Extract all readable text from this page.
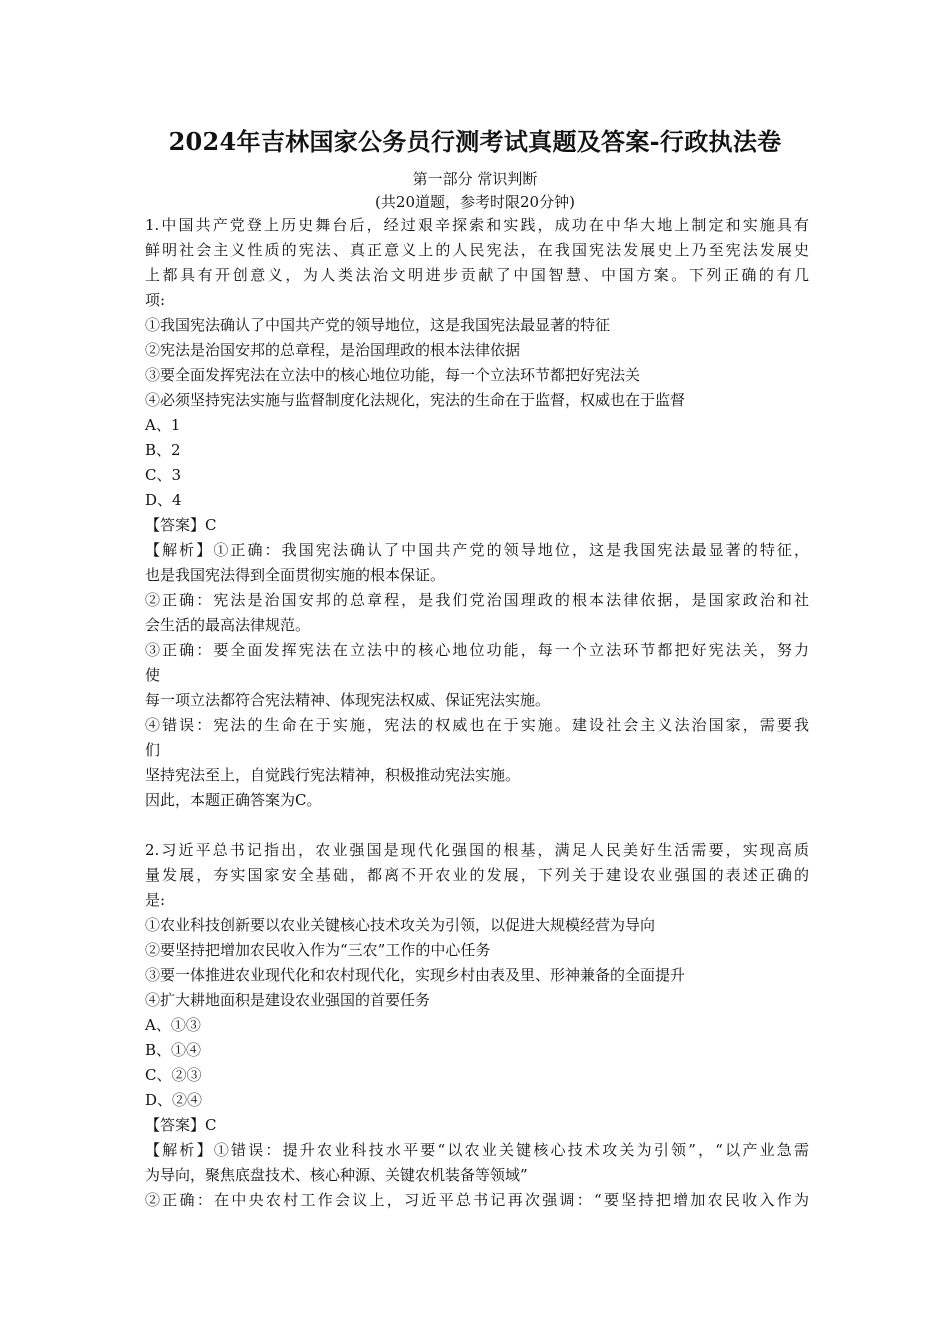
2024年吉林国家公务员行测考试真题及答案-行政执法卷
第一部分 常识判断
(共20道题，参考时限20分钟)
1.中国共产党登上历史舞台后，经过艰辛探索和实践，成功在中华大地上制定和实施具有
鲜明社会主义性质的宪法、真正意义上的人民宪法，在我国宪法发展史上乃至宪法发展史
上都具有开创意义，为人类法治文明进步贡献了中国智慧、中国方案。下列正确的有几
项:
①我国宪法确认了中国共产党的领导地位，这是我国宪法最显著的特征
②宪法是治国安邦的总章程，是治国理政的根本法律依据
③要全面发挥宪法在立法中的核心地位功能，每一个立法环节都把好宪法关
④必须坚持宪法实施与监督制度化法规化，宪法的生命在于监督，权威也在于监督
A、1
B、2
C、3
D、4
【答案】C
【解析】①正确：我国宪法确认了中国共产党的领导地位，这是我国宪法最显著的特征，
也是我国宪法得到全面贯彻实施的根本保证。
②正确：宪法是治国安邦的总章程，是我们党治国理政的根本法律依据，是国家政治和社
会生活的最高法律规范。
③正确：要全面发挥宪法在立法中的核心地位功能，每一个立法环节都把好宪法关，努力
使
每一项立法都符合宪法精神、体现宪法权威、保证宪法实施。
④错误：宪法的生命在于实施，宪法的权威也在于实施。建设社会主义法治国家，需要我
们
坚持宪法至上，自觉践行宪法精神，积极推动宪法实施。
因此，本题正确答案为C。
2.习近平总书记指出，农业强国是现代化强国的根基，满足人民美好生活需要，实现高质
量发展，夯实国家安全基础，都离不开农业的发展，下列关于建设农业强国的表述正确的
是:
①农业科技创新要以农业关键核心技术攻关为引领，以促进大规模经营为导向
②要坚持把增加农民收入作为“三农”工作的中心任务
③要一体推进农业现代化和农村现代化，实现乡村由表及里、形神兼备的全面提升
④扩大耕地面积是建设农业强国的首要任务
A、①③
B、①④
C、②③
D、②④
【答案】C
【解析】①错误：提升农业科技水平要“以农业关键核心技术攻关为引领”，“以产业急需
为导向，聚焦底盘技术、核心种源、关键农机装备等领域”
②正确：在中央农村工作会议上，习近平总书记再次强调：“要坚持把增加农民收入作为
